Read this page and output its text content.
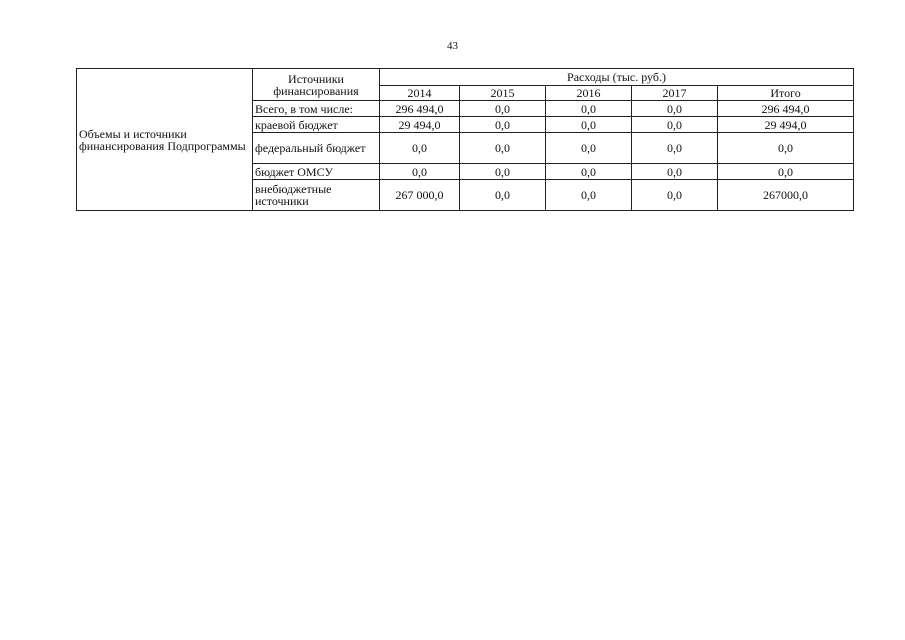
43
Объемы и источники финансирования Подпрограммы	Источники финансирования	Расходы (тыс. руб.)				
		2014	2015	2016	2017	Итого
	Всего, в том числе:	296 494,0	0,0	0,0	0,0	296 494,0
	краевой бюджет	29 494,0	0,0	0,0	0,0	29 494,0
	федеральный бюджет	0,0	0,0	0,0	0,0	0,0
	бюджет ОМСУ	0,0	0,0	0,0	0,0	0,0
	внебюджетные источники	267 000,0	0,0	0,0	0,0	267000,0
